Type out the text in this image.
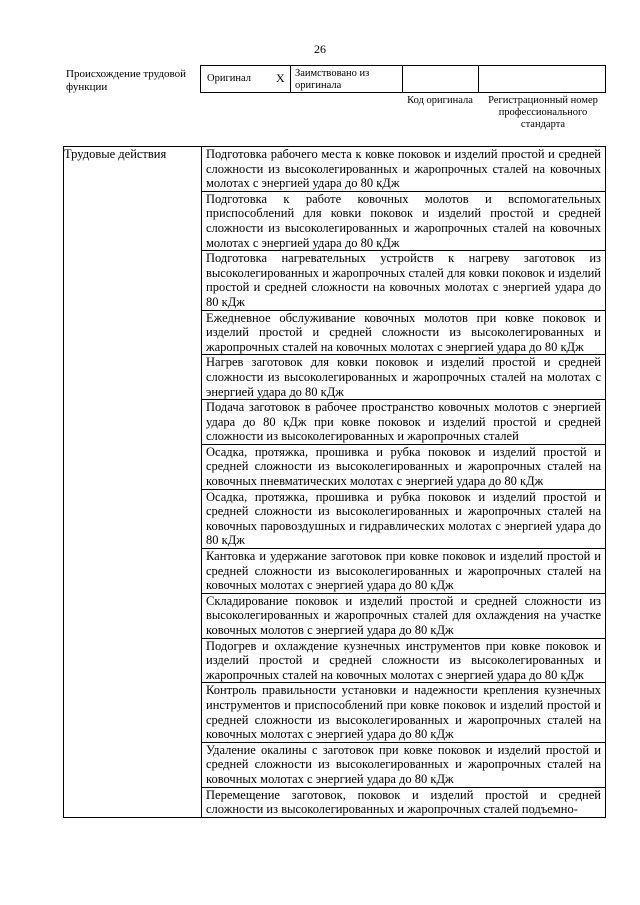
26
Происхождение трудовой функции
Оригинал X Заимствовано из оригинала
Код оригинала	Регистрационный номер профессионального стандарта
Трудовые действия	Подготовка рабочего места к ковке поковок и изделий простой и средней сложности из высоколегированных и жаропрочных сталей на ковочных молотах с энергией удара до 80 кДж
Подготовка к работе ковочных молотов и вспомогательных приспособлений для ковки поковок и изделий простой и средней сложности из высоколегированных и жаропрочных сталей на ковочных молотах с энергией удара до 80 кДж
Подготовка нагревательных устройств к нагреву заготовок из высоколегированных и жаропрочных сталей для ковки поковок и изделий простой и средней сложности на ковочных молотах с энергией удара до 80 кДж
Ежедневное обслуживание ковочных молотов при ковке поковок и изделий простой и средней сложности из высоколегированных и жаропрочных сталей на ковочных молотах с энергией удара до 80 кДж
Нагрев заготовок для ковки поковок и изделий простой и средней сложности из высоколегированных и жаропрочных сталей на молотах с энергией удара до 80 кДж
Подача заготовок в рабочее пространство ковочных молотов с энергией удара до 80 кДж при ковке поковок и изделий простой и средней сложности из высоколегированных и жаропрочных сталей
Осадка, протяжка, прошивка и рубка поковок и изделий простой и средней сложности из высоколегированных и жаропрочных сталей на ковочных пневматических молотах с энергией удара до 80 кДж
Осадка, протяжка, прошивка и рубка поковок и изделий простой и средней сложности из высоколегированных и жаропрочных сталей на ковочных паровоздушных и гидравлических молотах с энергией удара до 80 кДж
Кантовка и удержание заготовок при ковке поковок и изделий простой и средней сложности из высоколегированных и жаропрочных сталей на ковочных молотах с энергией удара до 80 кДж
Складирование поковок и изделий простой и средней сложности из высоколегированных и жаропрочных сталей для охлаждения на участке ковочных молотов с энергией удара до 80 кДж
Подогрев и охлаждение кузнечных инструментов при ковке поковок и изделий простой и средней сложности из высоколегированных и жаропрочных сталей на ковочных молотах с энергией удара до 80 кДж
Контроль правильности установки и надежности крепления кузнечных инструментов и приспособлений при ковке поковок и изделий простой и средней сложности из высоколегированных и жаропрочных сталей на ковочных молотах с энергией удара до 80 кДж
Удаление окалины с заготовок при ковке поковок и изделий простой и средней сложности из высоколегированных и жаропрочных сталей на ковочных молотах с энергией удара до 80 кДж
Перемещение заготовок, поковок и изделий простой и средней сложности из высоколегированных и жаропрочных сталей подъемно-
